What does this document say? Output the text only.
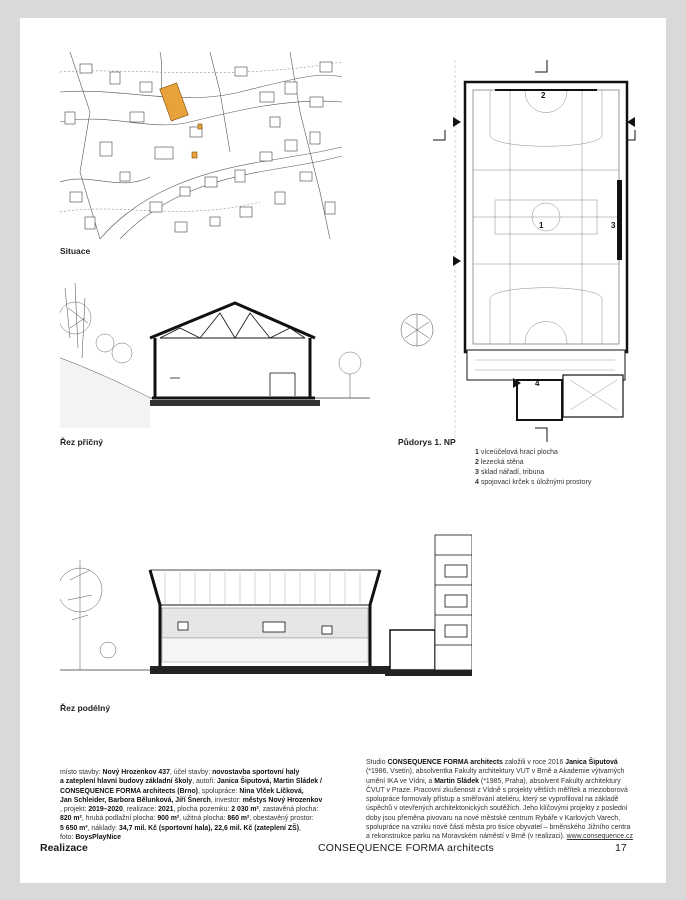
Situace
Řez příčný
2
1	3
4
Půdorys 1. NP
1 víceúčelová hrací plocha
2 lezecká stěna
3 sklad nářadí, tribuna
4 spojovací krček s úložnými prostory
Řez podélný
místo stavby: Nový Hrozenkov 437, účel stavby: novostavba sportovní haly
a zateplení hlavní budovy základní školy, autoři: Janica Šiputová, Martin Sládek /
CONSEQUENCE FORMA architects (Brno), spolupráce: Nina Vlček Líčková,
Jan Schleider, Barbora Bělunková, Jiří Šnerch, investor: městys Nový Hrozenkov
, projekt: 2019–2020, realizace: 2021, plocha pozemku: 2 030 m², zastavěná plocha:
820 m², hrubá podlažní plocha: 900 m², užitná plocha: 860 m², obestavěný prostor:
5 650 m³, náklady: 34,7 mil. Kč (sportovní hala), 22,6 mil. Kč (zateplení ZŠ),
foto: BoysPlayNice
Studio CONSEQUENCE FORMA architects založili v roce 2016 Janica Šiputová
(*1986, Vsetín), absolventka Fakulty architektury VUT v Brně a Akademie výtvarných
umění IKA ve Vídni, a Martin Sládek (*1985, Praha), absolvent Fakulty architektury
ČVUT v Praze. Pracovní zkušenosti z Vídně s projekty větších měřítek a mezioborová
spolupráce formovaly přístup a směřování ateliéru, který se vyprofiloval na základě
úspěchů v otevřených architektonických soutěžích. Jeho klíčovými projekty z poslední
doby jsou přeměna pivovaru na nové městské centrum Rybáře v Karlových Varech,
spolupráce na vzniku nové části města pro tisíce obyvatel – brněnského Jižního centra
a rekonstrukce parku na Moravském náměstí v Brně (v realizaci). www.consequence.cz
Realizace	CONSEQUENCE FORMA architects	17
